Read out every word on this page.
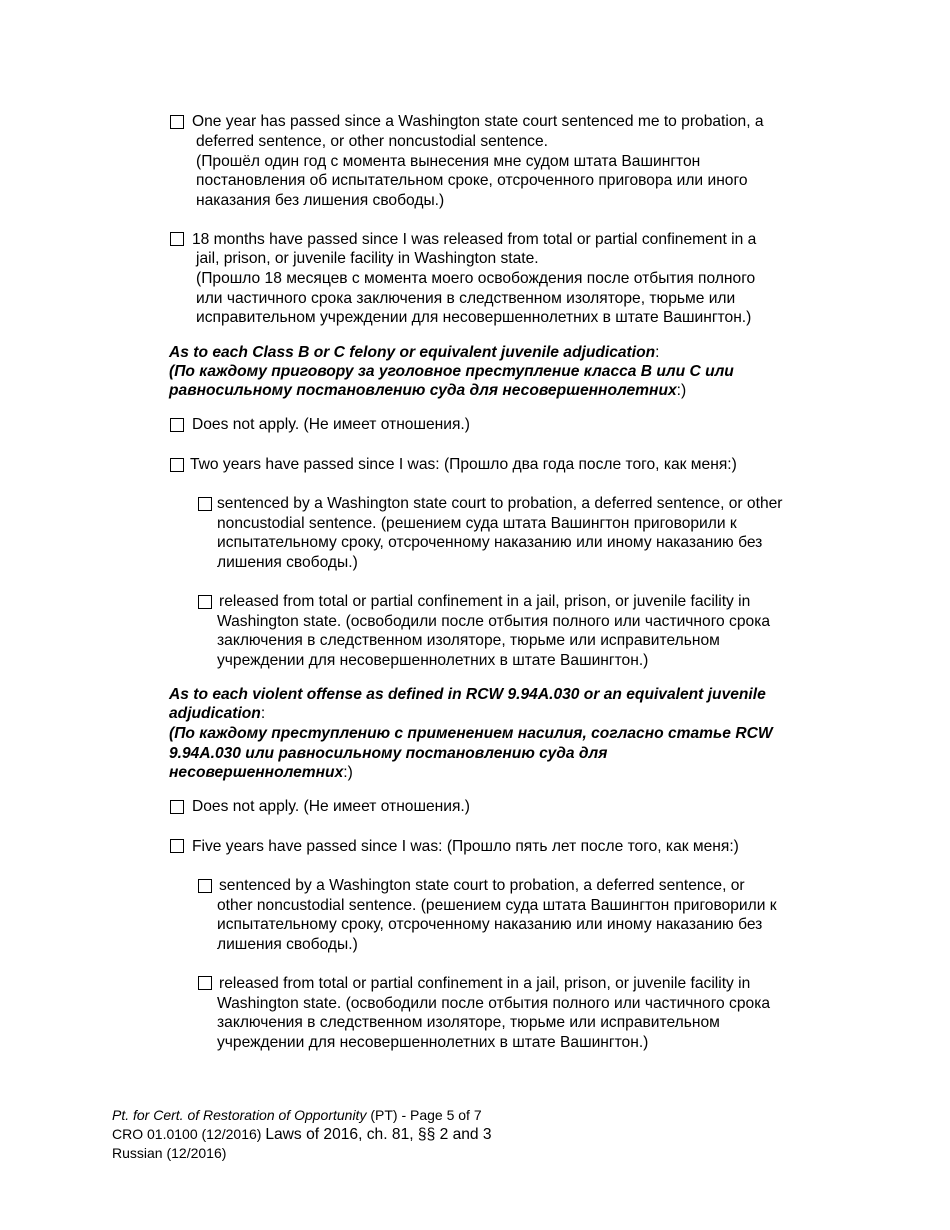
One year has passed since a Washington state court sentenced me to probation, a
deferred sentence, or other noncustodial sentence.
(Прошёл один год с момента вынесения мне судом штата Вашингтон
постановления об испытательном сроке, отсроченного приговора или иного
наказания без лишения свободы.)
18 months have passed since I was released from total or partial confinement in a
jail, prison, or juvenile facility in Washington state.
(Прошло 18 месяцев с момента моего освобождения после отбытия полного
или частичного срока заключения в следственном изоляторе, тюрьме или
исправительном учреждении для несовершеннолетних в штате Вашингтон.)
As to each Class B or C felony or equivalent juvenile adjudication:
(По каждому приговору за уголовное преступление класса B или C или
равносильному постановлению суда для несовершеннолетних:)
Does not apply. (Не имеет отношения.)
Two years have passed since I was: (Прошло два года после того, как меня:)
sentenced by a Washington state court to probation, a deferred sentence, or other
noncustodial sentence. (решением суда штата Вашингтон приговорили к
испытательному сроку, отсроченному наказанию или иному наказанию без
лишения свободы.)
released from total or partial confinement in a jail, prison, or juvenile facility in
Washington state. (освободили после отбытия полного или частичного срока
заключения в следственном изоляторе, тюрьме или исправительном
учреждении для несовершеннолетних в штате Вашингтон.)
As to each violent offense as defined in RCW 9.94A.030 or an equivalent juvenile
adjudication:
(По каждому преступлению с применением насилия, согласно статье RCW
9.94A.030 или равносильному постановлению суда для
несовершеннолетних:)
Does not apply. (Не имеет отношения.)
Five years have passed since I was: (Прошло пять лет после того, как меня:)
sentenced by a Washington state court to probation, a deferred sentence, or
other noncustodial sentence. (решением суда штата Вашингтон приговорили к
испытательному сроку, отсроченному наказанию или иному наказанию без
лишения свободы.)
released from total or partial confinement in a jail, prison, or juvenile facility in
Washington state. (освободили после отбытия полного или частичного срока
заключения в следственном изоляторе, тюрьме или исправительном
учреждении для несовершеннолетних в штате Вашингтон.)
Pt. for Cert. of Restoration of Opportunity (PT) - Page 5 of 7
CRO 01.0100 (12/2016) Laws of 2016, ch. 81, §§ 2 and 3
Russian (12/2016)
